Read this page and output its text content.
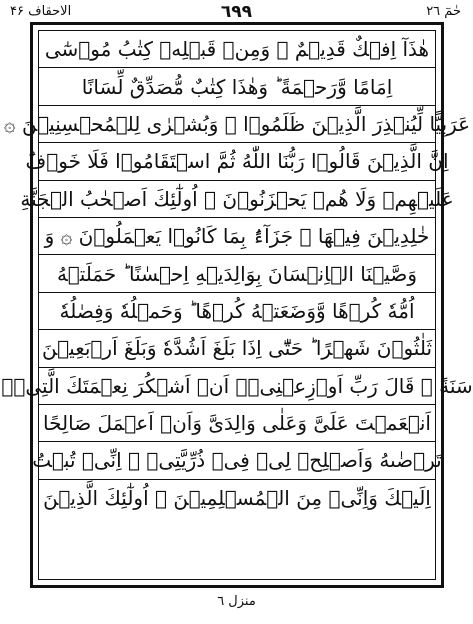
الاحقاف ۴۶	٦٩٩	حٰمٓ ٢٦
هٰذَآ اِفۡكٌ قَدِيۡمٌ ۞ وَمِنۡ قَبۡلِهٖ كِتٰبُ مُوۡسٰٓى
اِمَامًا وَّرَحۡمَةً ؕ وَهٰذَا كِتٰبٌ مُّصَدِّقٌ لِّسَانًا
عَرَبِيًّا لِّيُنۡذِرَ الَّذِيۡنَ ظَلَمُوۡا ۖ وَبُشۡرٰى لِلۡمُحۡسِنِيۡنَ ۞
اِنَّ الَّذِيۡنَ قَالُوۡا رَبُّنَا اللّٰهُ ثُمَّ اسۡتَقَامُوۡا فَلَا خَوۡفٌ
عَلَيۡهِمۡ وَلَا هُمۡ يَحۡزَنُوۡنَ ۞ اُولٰٓئِكَ اَصۡحٰبُ الۡجَنَّةِ
خٰلِدِيۡنَ فِيۡهَا ۚ جَزَآءًۢ بِمَا كَانُوۡا يَعۡمَلُوۡنَ ۞ وَ
وَصَّيۡنَا الۡاِنۡسَانَ بِوَالِدَيۡهِ اِحۡسٰنًا ؕ حَمَلَتۡهُ
اُمُّهٗ كُرۡهًا وَّوَضَعَتۡهُ كُرۡهًا ؕ وَحَمۡلُهٗ وَفِصٰلُهٗ
ثَلٰثُوۡنَ شَهۡرًا ؕ حَتّٰٓى اِذَا بَلَغَ اَشُدَّهٗ وَبَلَغَ اَرۡبَعِيۡنَ
سَنَةً ۙ قَالَ رَبِّ اَوۡزِعۡنِىۡۤ اَنۡ اَشۡكُرَ نِعۡمَتَكَ الَّتِىۡۤ
اَنۡعَمۡتَ عَلَىَّ وَعَلٰى وَالِدَىَّ وَاَنۡ اَعۡمَلَ صَالِحًا
تَرۡضٰٮهُ وَاَصۡلِحۡ لِىۡ فِىۡ ذُرِّيَّتِىۡ ۚ اِنِّىۡ تُبۡتُ
اِلَيۡكَ وَاِنِّىۡ مِنَ الۡمُسۡلِمِيۡنَ ۞ اُولٰٓئِكَ الَّذِيۡنَ
منزل ٦
